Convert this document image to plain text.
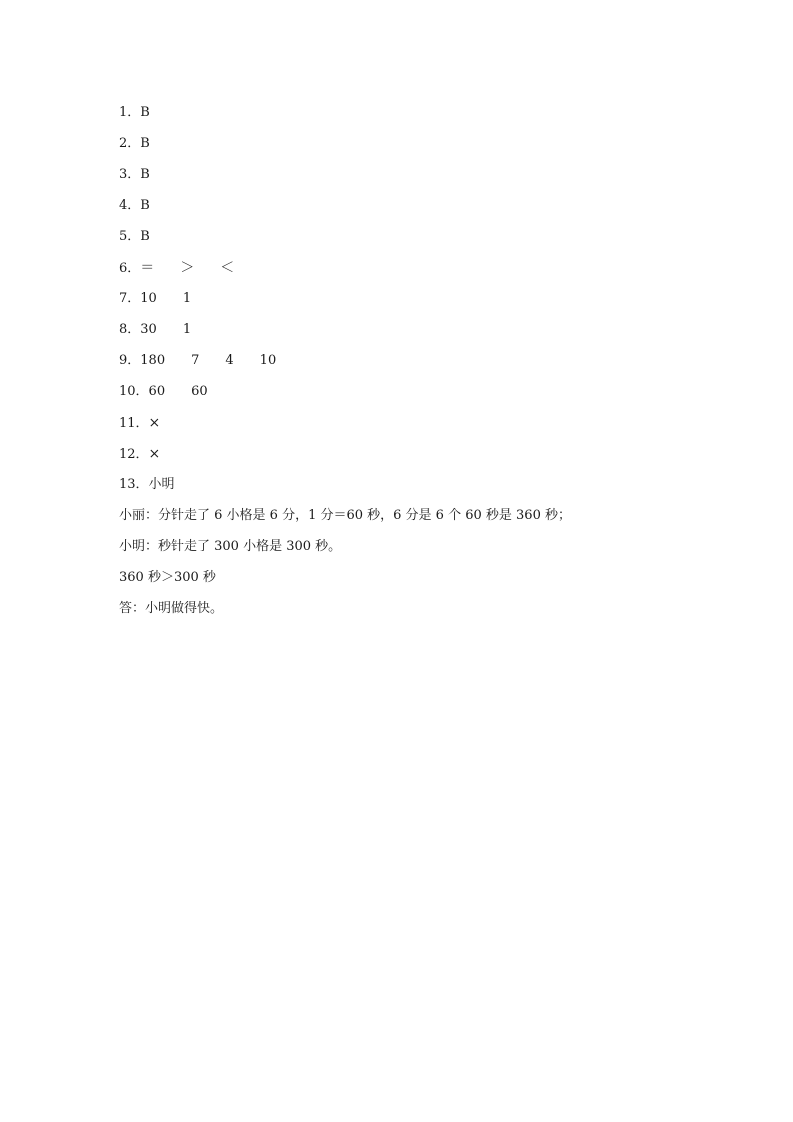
1．B
2．B
3．B
4．B
5．B
6．＝ ＞ ＜
7．10 1
8．30 1
9．180 7 4 10
10．60 60
11．×
12．×
13．小明
小丽：分针走了 6 小格是 6 分，1 分＝60 秒，6 分是 6 个 60 秒是 360 秒；
小明：秒针走了 300 小格是 300 秒。
360 秒＞300 秒
答：小明做得快。
